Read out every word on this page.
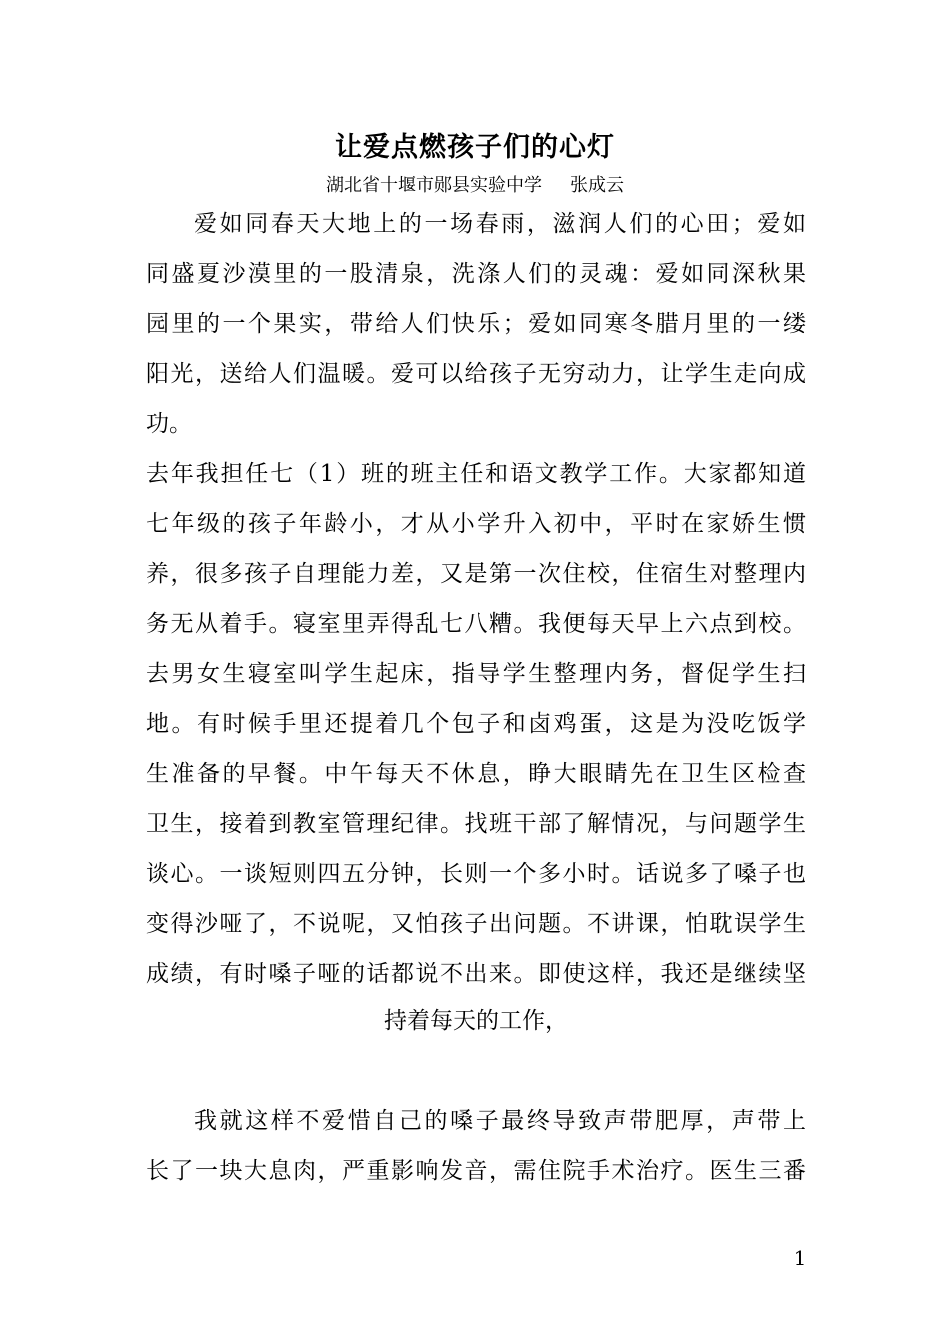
让爱点燃孩子们的心灯
湖北省十堰市郧县实验中学 张成云
爱如同春天大地上的一场春雨，滋润人们的心田；爱如
同盛夏沙漠里的一股清泉，洗涤人们的灵魂：爱如同深秋果
园里的一个果实，带给人们快乐；爱如同寒冬腊月里的一缕
阳光，送给人们温暖。爱可以给孩子无穷动力，让学生走向成
功。
去年我担任七（1）班的班主任和语文教学工作。大家都知道
七年级的孩子年龄小，才从小学升入初中，平时在家娇生惯
养，很多孩子自理能力差，又是第一次住校，住宿生对整理内
务无从着手。寝室里弄得乱七八糟。我便每天早上六点到校。
去男女生寝室叫学生起床，指导学生整理内务，督促学生扫
地。有时候手里还提着几个包子和卤鸡蛋，这是为没吃饭学
生准备的早餐。中午每天不休息，睁大眼睛先在卫生区检查
卫生，接着到教室管理纪律。找班干部了解情况，与问题学生
谈心。一谈短则四五分钟，长则一个多小时。话说多了嗓子也
变得沙哑了，不说呢，又怕孩子出问题。不讲课，怕耽误学生
成绩，有时嗓子哑的话都说不出来。即使这样，我还是继续坚
持着每天的工作，
我就这样不爱惜自己的嗓子最终导致声带肥厚，声带上
长了一块大息肉，严重影响发音，需住院手术治疗。医生三番
1
